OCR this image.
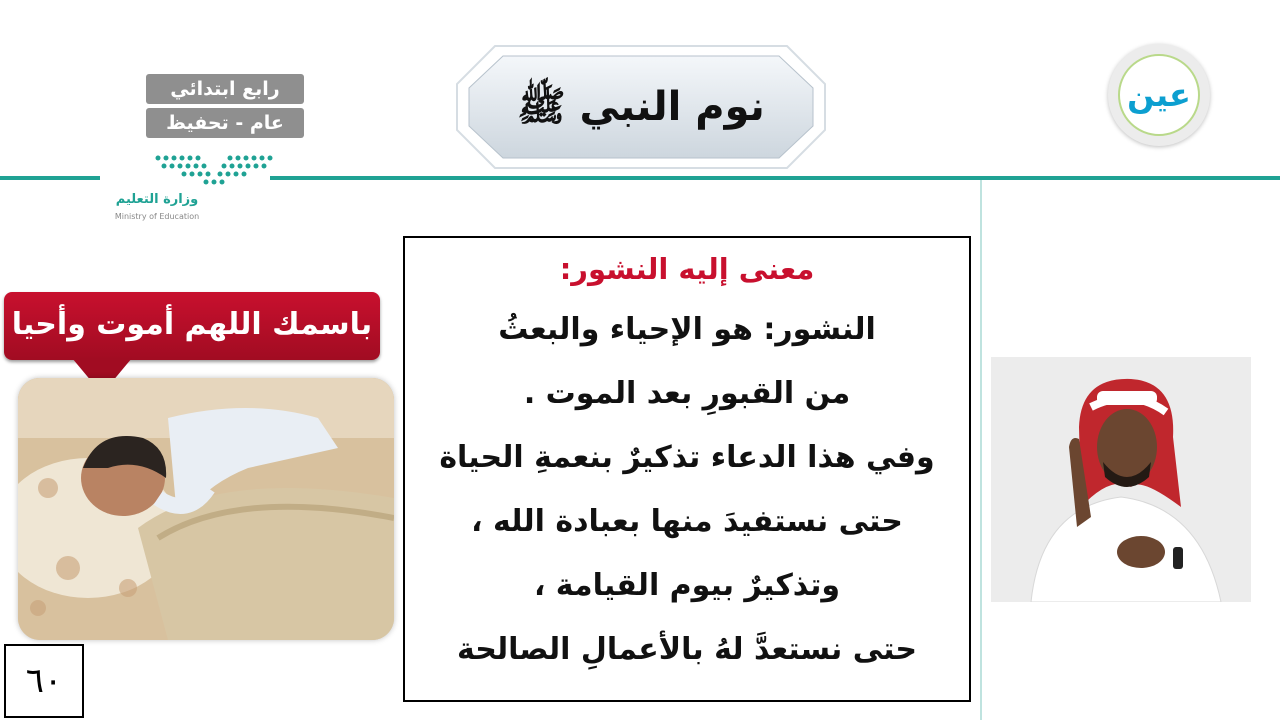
رابع ابتدائي
عام - تحفيظ
وزارة التعليم
Ministry of Education
نوم النبي ﷺ	عين
باسمك اللهم أموت وأحيا
٦٠
معنى إليه النشور:
النشور: هو الإحياء والبعثُ
من القبورِ بعد الموت .
وفي هذا الدعاء تذكيرٌ بنعمةِ الحياة
حتى نستفيدَ منها بعبادة الله ،
وتذكيرٌ بيوم القيامة ،
حتى نستعدَّ لهُ بالأعمالِ الصالحة
